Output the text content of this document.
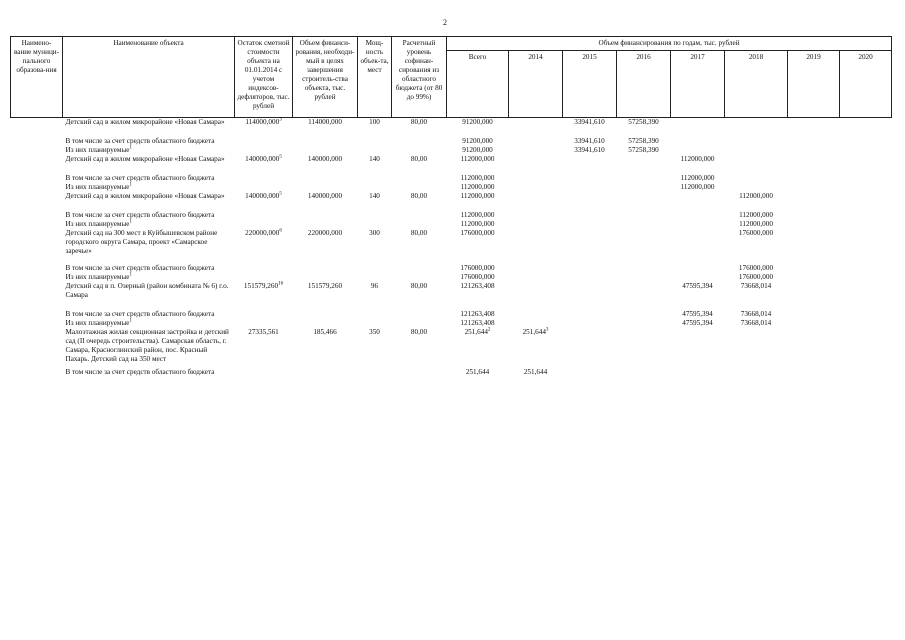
2
Наимено-вание муници-пального образова-ния	Наименование объекта	Остаток сметной стоимости объекта на 01.01.2014 с учетом индексов-дефляторов, тыс. рублей	Объем финанси-рования, необходи-мый в целях завершения строитель-ства объекта, тыс. рублей	Мощ-ность объек-та, мест	Расчетный уровень софинан-сирования из областного бюджета (от 80 до 99%)	Объем финансирования по годам, тыс. рублей							
						Всего	2014	2015	2016	2017	2018	2019	2020
	Детский сад в жилом микрорайоне «Новая Самара»	114000,000$^3$	114000,000	100	80,00	91200,000		33941,610	57258,390				
	В том числе за счет средств областного бюджета					91200,000		33941,610	57258,390				
	Из них планируемые$^1$					91200,000		33941,610	57258,390				
	Детский сад в жилом микрорайоне «Новая Самара»	140000,000$^5$	140000,000	140	80,00	112000,000				112000,000			
	В том числе за счет средств областного бюджета					112000,000				112000,000			
	Из них планируемые$^1$					112000,000				112000,000			
	Детский сад в жилом микрорайоне «Новая Самара»	140000,000$^5$	140000,000	140	80,00	112000,000					112000,000		
	В том числе за счет средств областного бюджета					112000,000					112000,000		
	Из них планируемые$^1$					112000,000					112000,000		
	Детский сад на 300 мест в Куйбышевском районе городского округа Самара, проект «Самарское заречье»	220000,000$^6$	220000,000	300	80,00	176000,000					176000,000		
	В том числе за счет средств областного бюджета					176000,000					176000,000		
	Из них планируемые$^1$					176000,000					176000,000		
	Детский сад в п. Озерный (район комбината № 6) г.о. Самара	151579,260$^{16}$	151579,260	96	80,00	121263,408				47595,394	73668,014		
	В том числе за счет средств областного бюджета					121263,408				47595,394	73668,014		
	Из них планируемые$^1$					121263,408				47595,394	73668,014		
	Малоэтажная жилая секционная застройка и детский сад (II очередь строительства). Самарская область, г. Самара, Красноглинский район, пос. Красный Пахарь. Детский сад на 350 мест	27335,561	185,466	350	80,00	251,644$^2$	251,644$^3$						
	В том числе за счет средств областного бюджета					251,644	251,644						
